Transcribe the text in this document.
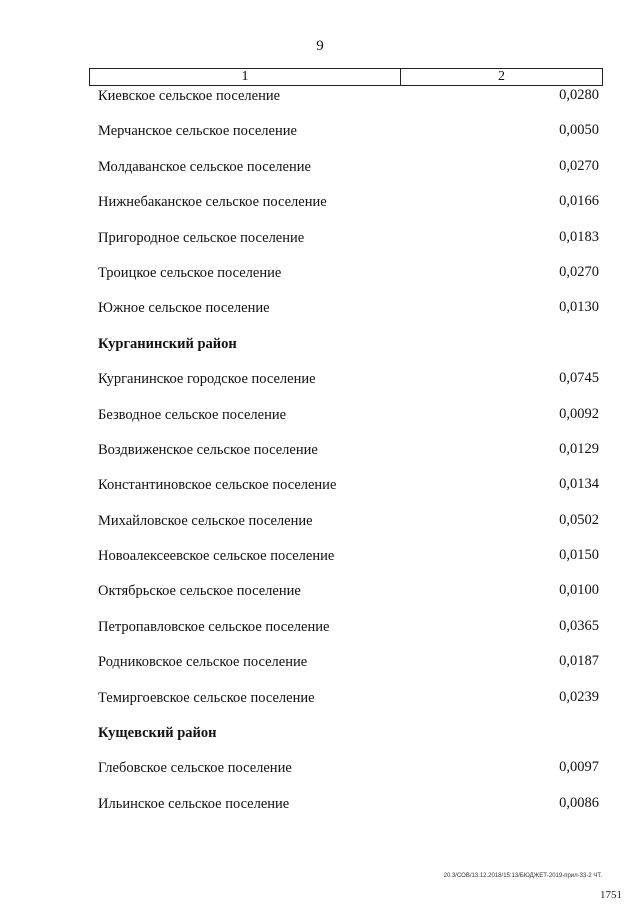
9
1	2
Киевское сельское поселение	0,0280
Мерчанское сельское поселение	0,0050
Молдаванское сельское поселение	0,0270
Нижнебаканское сельское поселение	0,0166
Пригородное сельское поселение	0,0183
Троицкое сельское поселение	0,0270
Южное сельское поселение	0,0130
Курганинский район
Курганинское городское поселение	0,0745
Безводное сельское поселение	0,0092
Воздвиженское сельское поселение	0,0129
Константиновское сельское поселение	0,0134
Михайловское сельское поселение	0,0502
Новоалексеевское сельское поселение	0,0150
Октябрьское сельское поселение	0,0100
Петропавловское сельское поселение	0,0365
Родниковское сельское поселение	0,0187
Темиргоевское сельское поселение	0,0239
Кущевский район
Глебовское сельское поселение	0,0097
Ильинское сельское поселение	0,0086
20.3/СОВ/13.12.2018/15:13/БЮДЖЕТ-2019-прил-33-2 ЧТ.
1751
